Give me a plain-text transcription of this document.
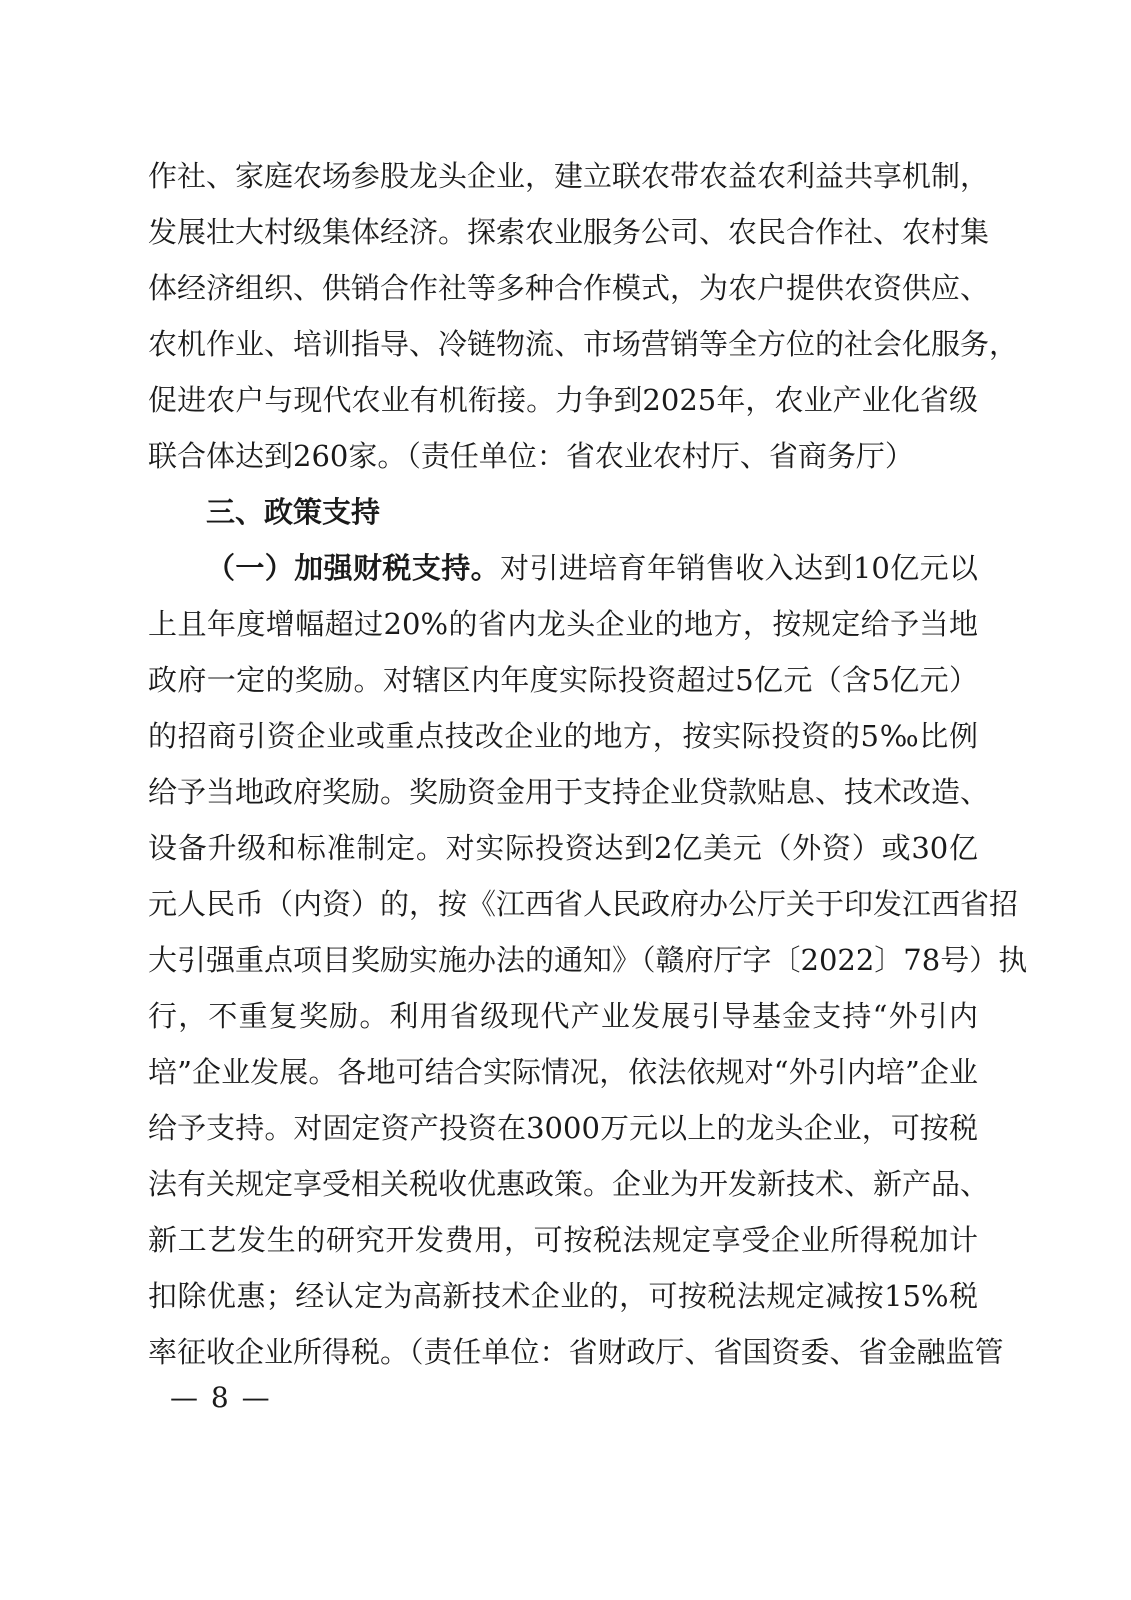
作社、家庭农场参股龙头企业，建立联农带农益农利益共享机制，
发展壮大村级集体经济。探索农业服务公司、农民合作社、农村集
体经济组织、供销合作社等多种合作模式，为农户提供农资供应、
农机作业、培训指导、冷链物流、市场营销等全方位的社会化服务，
促进农户与现代农业有机衔接。力争到2025年，农业产业化省级
联合体达到260家。（责任单位：省农业农村厅、省商务厅）
三、政策支持
（一）加强财税支持。对引进培育年销售收入达到10亿元以
上且年度增幅超过20%的省内龙头企业的地方，按规定给予当地
政府一定的奖励。对辖区内年度实际投资超过5亿元（含5亿元）
的招商引资企业或重点技改企业的地方，按实际投资的5‰比例
给予当地政府奖励。奖励资金用于支持企业贷款贴息、技术改造、
设备升级和标准制定。对实际投资达到2亿美元（外资）或30亿
元人民币（内资）的，按《江西省人民政府办公厅关于印发江西省招
大引强重点项目奖励实施办法的通知》（赣府厅字〔2022〕78号）执
行，不重复奖励。利用省级现代产业发展引导基金支持“外引内
培”企业发展。各地可结合实际情况，依法依规对“外引内培”企业
给予支持。对固定资产投资在3000万元以上的龙头企业，可按税
法有关规定享受相关税收优惠政策。企业为开发新技术、新产品、
新工艺发生的研究开发费用，可按税法规定享受企业所得税加计
扣除优惠；经认定为高新技术企业的，可按税法规定减按15%税
率征收企业所得税。（责任单位：省财政厅、省国资委、省金融监管
— 8 —
